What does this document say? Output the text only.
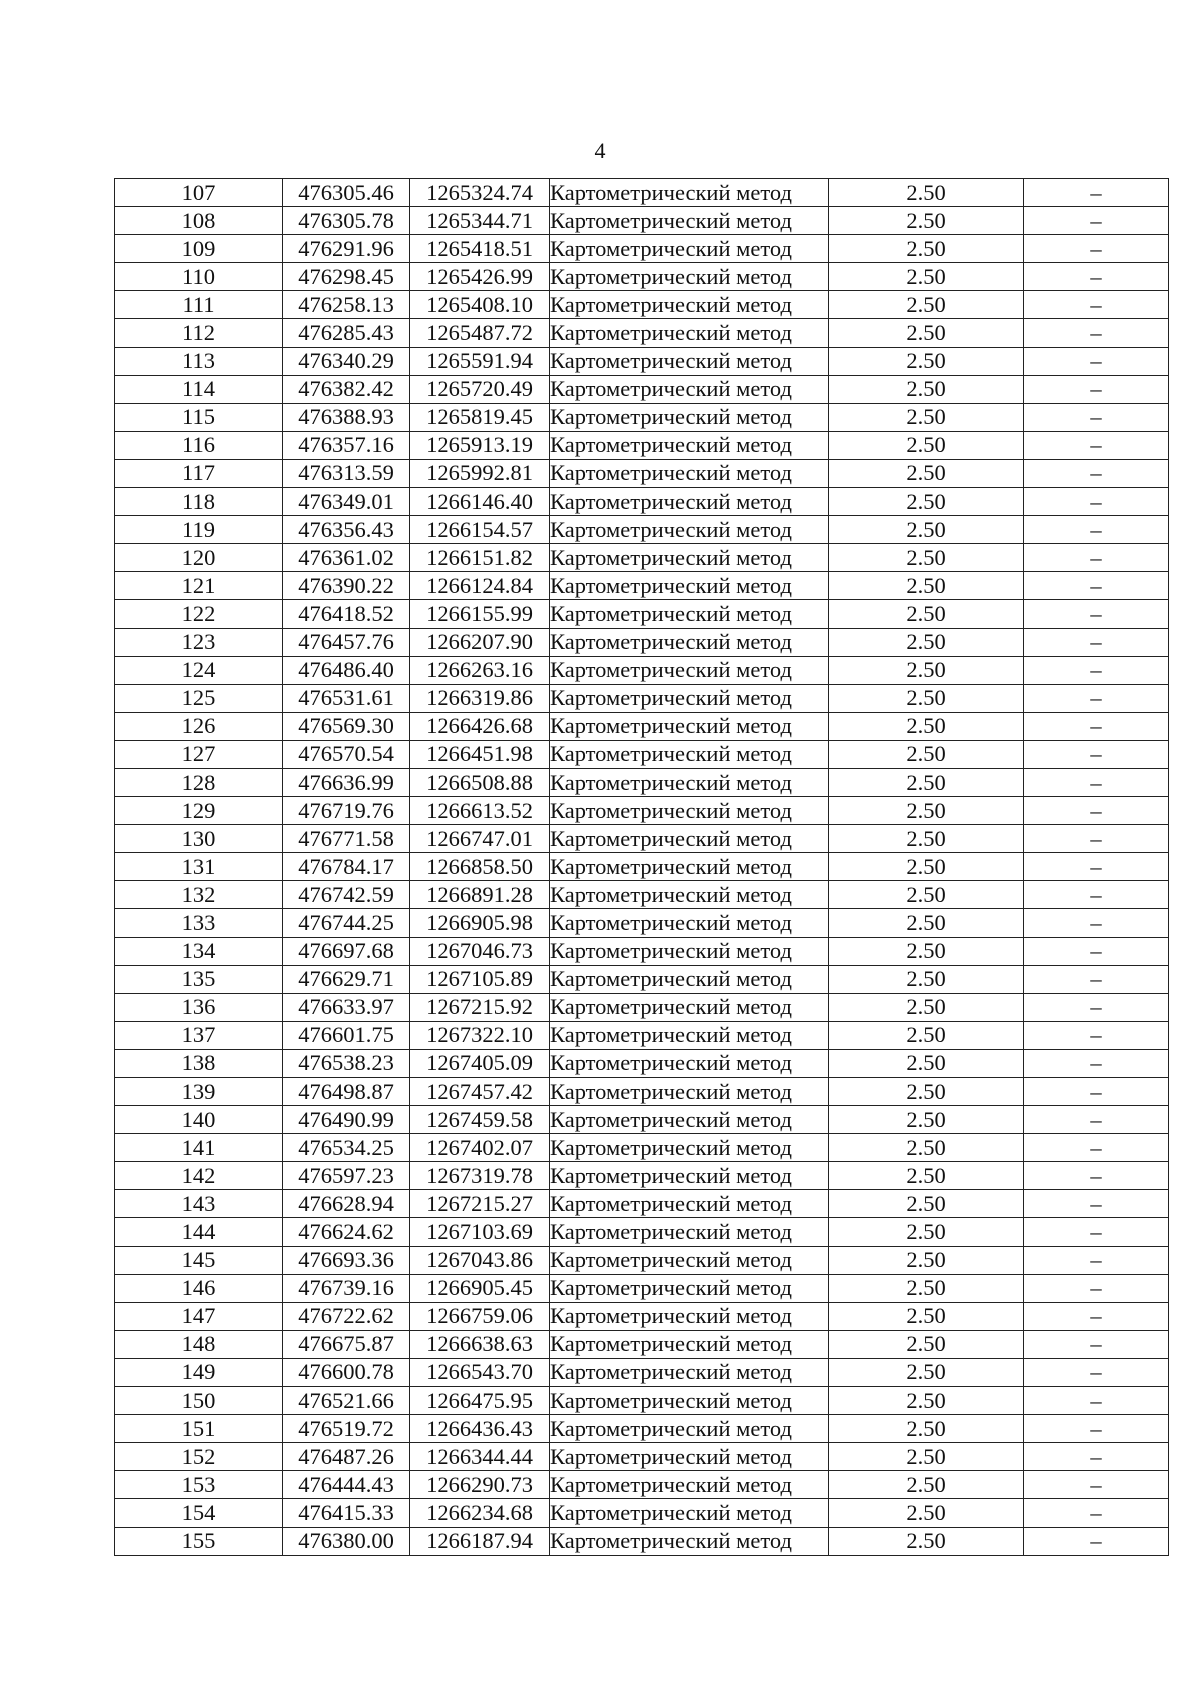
4
107	476305.46	1265324.74	Картометрический метод	2.50	–
108	476305.78	1265344.71	Картометрический метод	2.50	–
109	476291.96	1265418.51	Картометрический метод	2.50	–
110	476298.45	1265426.99	Картометрический метод	2.50	–
111	476258.13	1265408.10	Картометрический метод	2.50	–
112	476285.43	1265487.72	Картометрический метод	2.50	–
113	476340.29	1265591.94	Картометрический метод	2.50	–
114	476382.42	1265720.49	Картометрический метод	2.50	–
115	476388.93	1265819.45	Картометрический метод	2.50	–
116	476357.16	1265913.19	Картометрический метод	2.50	–
117	476313.59	1265992.81	Картометрический метод	2.50	–
118	476349.01	1266146.40	Картометрический метод	2.50	–
119	476356.43	1266154.57	Картометрический метод	2.50	–
120	476361.02	1266151.82	Картометрический метод	2.50	–
121	476390.22	1266124.84	Картометрический метод	2.50	–
122	476418.52	1266155.99	Картометрический метод	2.50	–
123	476457.76	1266207.90	Картометрический метод	2.50	–
124	476486.40	1266263.16	Картометрический метод	2.50	–
125	476531.61	1266319.86	Картометрический метод	2.50	–
126	476569.30	1266426.68	Картометрический метод	2.50	–
127	476570.54	1266451.98	Картометрический метод	2.50	–
128	476636.99	1266508.88	Картометрический метод	2.50	–
129	476719.76	1266613.52	Картометрический метод	2.50	–
130	476771.58	1266747.01	Картометрический метод	2.50	–
131	476784.17	1266858.50	Картометрический метод	2.50	–
132	476742.59	1266891.28	Картометрический метод	2.50	–
133	476744.25	1266905.98	Картометрический метод	2.50	–
134	476697.68	1267046.73	Картометрический метод	2.50	–
135	476629.71	1267105.89	Картометрический метод	2.50	–
136	476633.97	1267215.92	Картометрический метод	2.50	–
137	476601.75	1267322.10	Картометрический метод	2.50	–
138	476538.23	1267405.09	Картометрический метод	2.50	–
139	476498.87	1267457.42	Картометрический метод	2.50	–
140	476490.99	1267459.58	Картометрический метод	2.50	–
141	476534.25	1267402.07	Картометрический метод	2.50	–
142	476597.23	1267319.78	Картометрический метод	2.50	–
143	476628.94	1267215.27	Картометрический метод	2.50	–
144	476624.62	1267103.69	Картометрический метод	2.50	–
145	476693.36	1267043.86	Картометрический метод	2.50	–
146	476739.16	1266905.45	Картометрический метод	2.50	–
147	476722.62	1266759.06	Картометрический метод	2.50	–
148	476675.87	1266638.63	Картометрический метод	2.50	–
149	476600.78	1266543.70	Картометрический метод	2.50	–
150	476521.66	1266475.95	Картометрический метод	2.50	–
151	476519.72	1266436.43	Картометрический метод	2.50	–
152	476487.26	1266344.44	Картометрический метод	2.50	–
153	476444.43	1266290.73	Картометрический метод	2.50	–
154	476415.33	1266234.68	Картометрический метод	2.50	–
155	476380.00	1266187.94	Картометрический метод	2.50	–
